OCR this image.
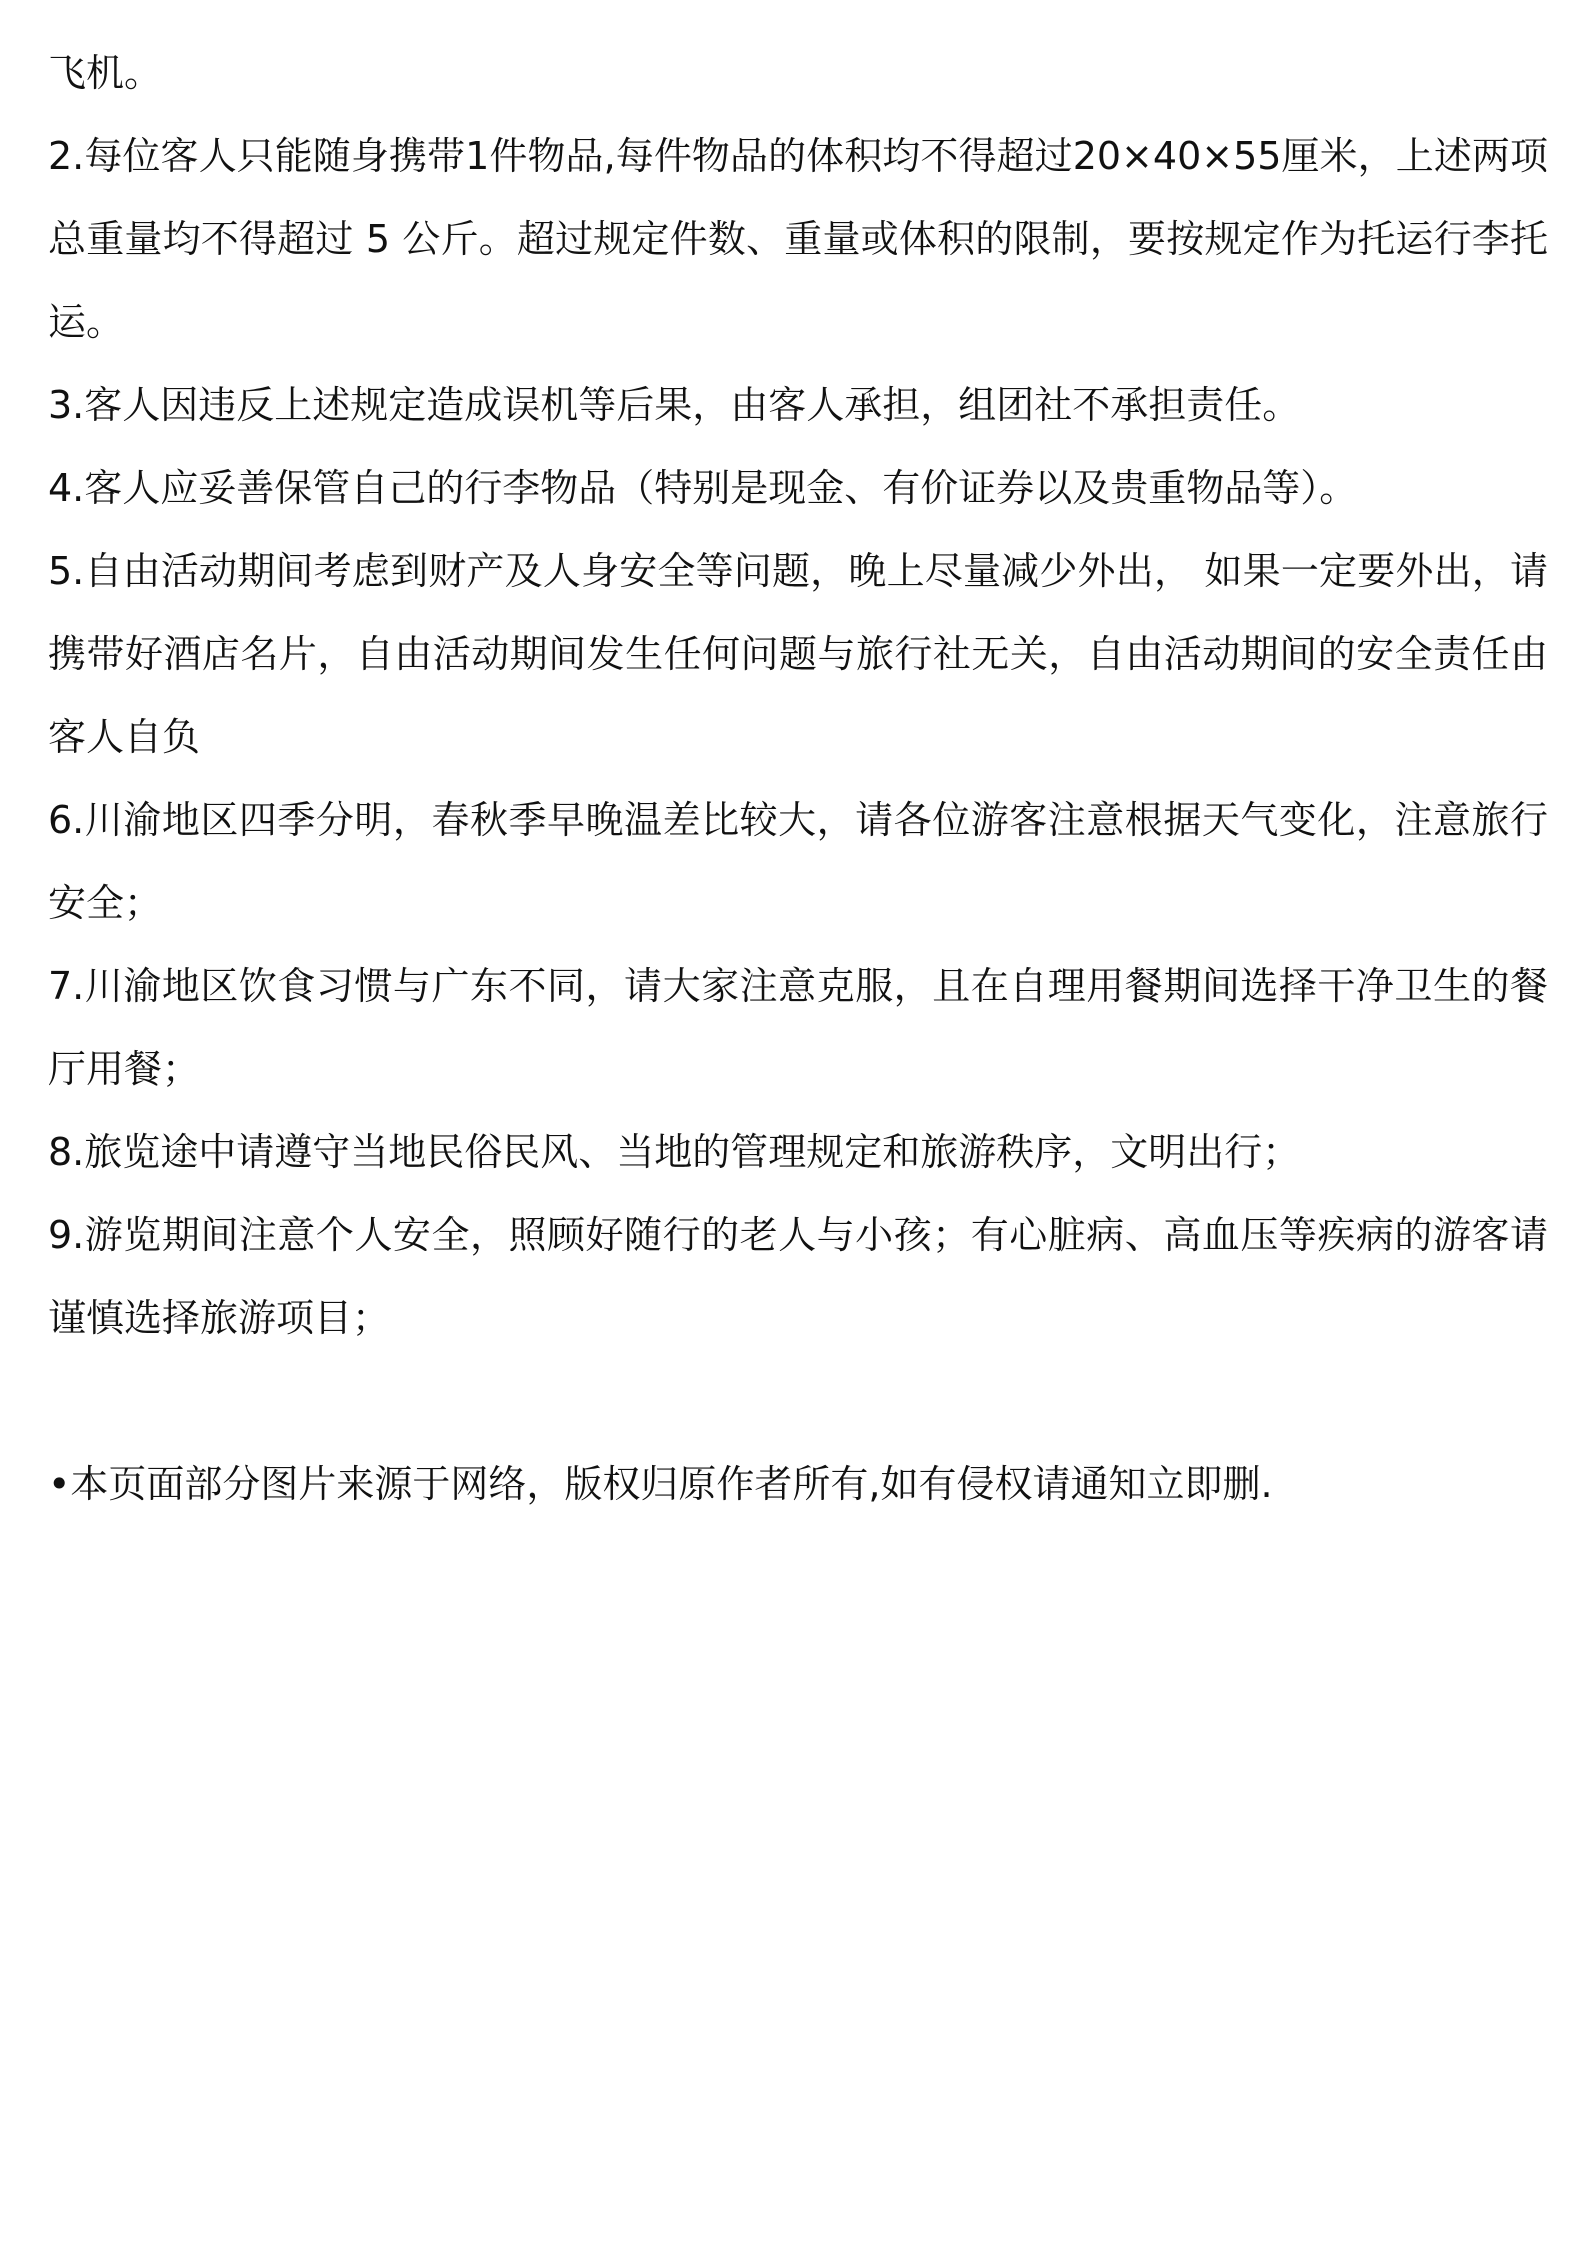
飞机。

2.每位客人只能随身携带1件物品,每件物品的体积均不得超过20×40×55厘米，上述两项总重量均不得超过 5 公斤。超过规定件数、重量或体积的限制，要按规定作为托运行李托运。

3.客人因违反上述规定造成误机等后果，由客人承担，组团社不承担责任。

4.客人应妥善保管自己的行李物品（特别是现金、有价证券以及贵重物品等）。

5.自由活动期间考虑到财产及人身安全等问题，晚上尽量减少外出， 如果一定要外出，请携带好酒店名片，自由活动期间发生任何问题与旅行社无关，自由活动期间的安全责任由客人自负

6.川渝地区四季分明，春秋季早晚温差比较大，请各位游客注意根据天气变化，注意旅行安全；

7.川渝地区饮食习惯与广东不同，请大家注意克服，且在自理用餐期间选择干净卫生的餐厅用餐；

8.旅览途中请遵守当地民俗民风、当地的管理规定和旅游秩序，文明出行；

9.游览期间注意个人安全，照顾好随行的老人与小孩；有心脏病、高血压等疾病的游客请谨慎选择旅游项目；

•本页面部分图片来源于网络，版权归原作者所有,如有侵权请通知立即删.
